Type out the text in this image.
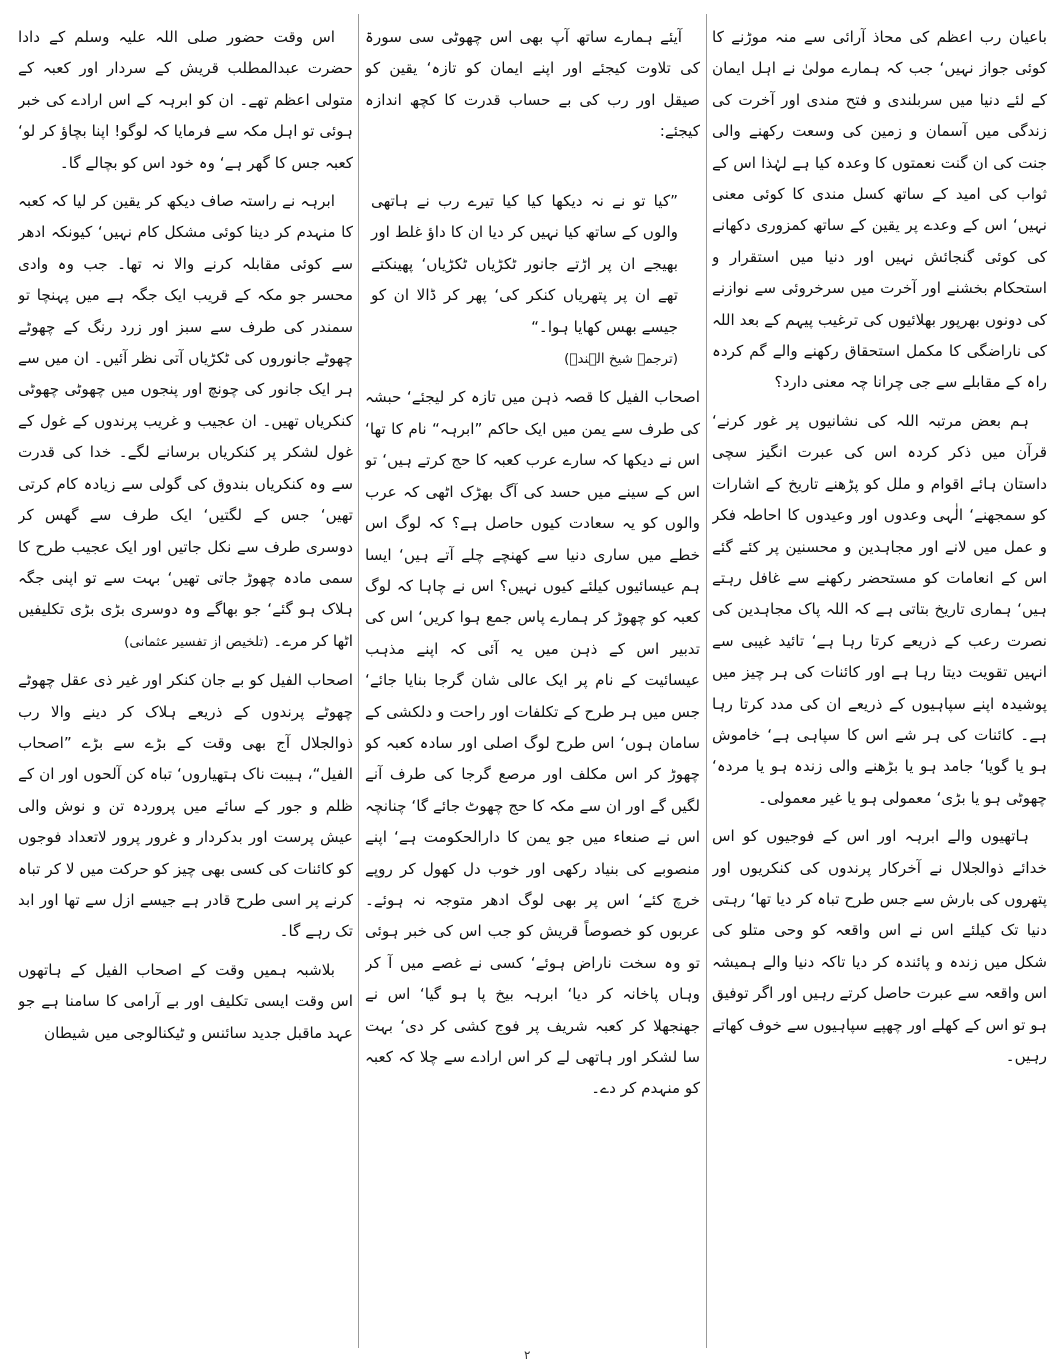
باعیان رب اعظم کی محاذ آرائی سے منہ موڑنے کا کوئی جواز نہیں‘ جب کہ ہمارے مولیٰ نے اہل ایمان کے لئے دنیا میں سربلندی و فتح مندی اور آخرت کی زندگی میں آسمان و زمین کی وسعت رکھنے والی جنت کی ان گنت نعمتوں کا وعدہ کیا ہے لہٰذا اس کے ثواب کی امید کے ساتھ کسل مندی کا کوئی معنی نہیں‘ اس کے وعدے پر یقین کے ساتھ کمزوری دکھانے کی کوئی گنجائش نہیں اور دنیا میں استقرار و استحکام بخشنے اور آخرت میں سرخروئی سے نوازنے کی دونوں بھرپور بھلائیوں کی ترغیب پیہم کے بعد اللہ کی ناراضگی کا مکمل استحقاق رکھنے والے گم کردہ راہ کے مقابلے سے جی چرانا چہ معنی دارد؟

ہم بعض مرتبہ اللہ کی نشانیوں پر غور کرنے‘ قرآن میں ذکر کردہ اس کی عبرت انگیز سچی داستان ہائے اقوام و ملل کو پڑھنے تاریخ کے اشارات کو سمجھنے‘ الٰہی وعدوں اور وعیدوں کا احاطہ فکر و عمل میں لانے اور مجاہدین و محسنین پر کئے گئے اس کے انعامات کو مستحضر رکھنے سے غافل رہتے ہیں‘ ہماری تاریخ بتاتی ہے کہ اللہ پاک مجاہدین کی نصرت رعب کے ذریعے کرتا رہا ہے‘ تائید غیبی سے انہیں تقویت دیتا رہا ہے اور کائنات کی ہر چیز میں پوشیدہ اپنے سپاہیوں کے ذریعے ان کی مدد کرتا رہا ہے۔ کائنات کی ہر شے اس کا سپاہی ہے‘ خاموش ہو یا گویا‘ جامد ہو یا بڑھنے والی زندہ ہو یا مردہ‘ چھوٹی ہو یا بڑی‘ معمولی ہو یا غیر معمولی۔

ہاتھیوں والے ابرہہ اور اس کے فوجیوں کو اس خدائے ذوالجلال نے آخرکار پرندوں کی کنکریوں اور پتھروں کی بارش سے جس طرح تباہ کر دیا تھا‘ رہتی دنیا تک کیلئے اس نے اس واقعہ کو وحی متلو کی شکل میں زندہ و پائندہ کر دیا تاکہ دنیا والے ہمیشہ اس واقعہ سے عبرت حاصل کرتے رہیں اور اگر توفیق ہو تو اس کے کھلے اور چھپے سپاہیوں سے خوف کھاتے رہیں۔

آیئے ہمارے ساتھ آپ بھی اس چھوٹی سی سورۃ کی تلاوت کیجئے اور اپنے ایمان کو تازہ‘ یقین کو صیقل اور رب کی بے حساب قدرت کا کچھ اندازہ کیجئے:

”کیا تو نے نہ دیکھا کیا کیا تیرے رب نے ہاتھی والوں کے ساتھ کیا نہیں کر دیا ان کا داؤ غلط اور بھیجے ان پر اڑتے جانور ٹکڑیاں ٹکڑیاں‘ پھینکتے تھے ان پر پتھریاں کنکر کی‘ پھر کر ڈالا ان کو جیسے بھس کھایا ہوا۔“
(ترجمہ شیخ الہندؒ)

اصحاب الفیل کا قصہ ذہن میں تازہ کر لیجئے‘ حبشہ کی طرف سے یمن میں ایک حاکم ”ابرہہ“ نام کا تھا‘ اس نے دیکھا کہ سارے عرب کعبہ کا حج کرتے ہیں‘ تو اس کے سینے میں حسد کی آگ بھڑک اٹھی کہ عرب والوں کو یہ سعادت کیوں حاصل ہے؟ کہ لوگ اس خطے میں ساری دنیا سے کھنچے چلے آتے ہیں‘ ایسا ہم عیسائیوں کیلئے کیوں نہیں؟ اس نے چاہا کہ لوگ کعبہ کو چھوڑ کر ہمارے پاس جمع ہوا کریں‘ اس کی تدبیر اس کے ذہن میں یہ آئی کہ اپنے مذہب عیسائیت کے نام پر ایک عالی شان گرجا بنایا جائے‘ جس میں ہر طرح کے تکلفات اور راحت و دلکشی کے سامان ہوں‘ اس طرح لوگ اصلی اور سادہ کعبہ کو چھوڑ کر اس مکلف اور مرصع گرجا کی طرف آنے لگیں گے اور ان سے مکہ کا حج چھوٹ جائے گا‘ چنانچہ اس نے صنعاء میں جو یمن کا دارالحکومت ہے‘ اپنے منصوبے کی بنیاد رکھی اور خوب دل کھول کر روپے خرچ کئے‘ اس پر بھی لوگ ادھر متوجہ نہ ہوئے۔ عربوں کو خصوصاً قریش کو جب اس کی خبر ہوئی تو وہ سخت ناراض ہوئے‘ کسی نے غصے میں آ کر وہاں پاخانہ کر دیا‘ ابرہہ بیخ پا ہو گیا‘ اس نے جھنجھلا کر کعبہ شریف پر فوج کشی کر دی‘ بہت سا لشکر اور ہاتھی لے کر اس ارادے سے چلا کہ کعبہ کو منہدم کر دے۔

اس وقت حضور صلی اللہ علیہ وسلم کے دادا حضرت عبدالمطلب قریش کے سردار اور کعبہ کے متولی اعظم تھے۔ ان کو ابرہہ کے اس ارادے کی خبر ہوئی تو اہل مکہ سے فرمایا کہ لوگو! اپنا بچاؤ کر لو‘ کعبہ جس کا گھر ہے‘ وہ خود اس کو بچالے گا۔

ابرہہ نے راستہ صاف دیکھ کر یقین کر لیا کہ کعبہ کا منہدم کر دینا کوئی مشکل کام نہیں‘ کیونکہ ادھر سے کوئی مقابلہ کرنے والا نہ تھا۔ جب وہ وادی محسر جو مکہ کے قریب ایک جگہ ہے میں پہنچا تو سمندر کی طرف سے سبز اور زرد رنگ کے چھوٹے چھوٹے جانوروں کی ٹکڑیاں آتی نظر آئیں۔ ان میں سے ہر ایک جانور کی چونچ اور پنجوں میں چھوٹی چھوٹی کنکریاں تھیں۔ ان عجیب و غریب پرندوں کے غول کے غول لشکر پر کنکریاں برسانے لگے۔ خدا کی قدرت سے وہ کنکریاں بندوق کی گولی سے زیادہ کام کرتی تھیں‘ جس کے لگتیں‘ ایک طرف سے گھس کر دوسری طرف سے نکل جاتیں اور ایک عجیب طرح کا سمی مادہ چھوڑ جاتی تھیں‘ بہت سے تو اپنی جگہ ہلاک ہو گئے‘ جو بھاگے وہ دوسری بڑی بڑی تکلیفیں اٹھا کر مرے۔ (تلخیص از تفسیر عثمانی)

اصحاب الفیل کو بے جان کنکر اور غیر ذی عقل چھوٹے چھوٹے پرندوں کے ذریعے ہلاک کر دینے والا رب ذوالجلال آج بھی وقت کے بڑے سے بڑے ”اصحاب الفیل“، ہیبت ناک ہتھیاروں‘ تباہ کن آلحوں اور ان کے ظلم و جور کے سائے میں پروردہ تن و نوش والی عیش پرست اور بدکردار و غرور پرور لاتعداد فوجوں کو کائنات کی کسی بھی چیز کو حرکت میں لا کر تباہ کرنے پر اسی طرح قادر ہے جیسے ازل سے تھا اور ابد تک رہے گا۔

بلاشبہ ہمیں وقت کے اصحاب الفیل کے ہاتھوں اس وقت ایسی تکلیف اور بے آرامی کا سامنا ہے جو عہد ماقبل جدید سائنس و ٹیکنالوجی میں شیطان

۲
